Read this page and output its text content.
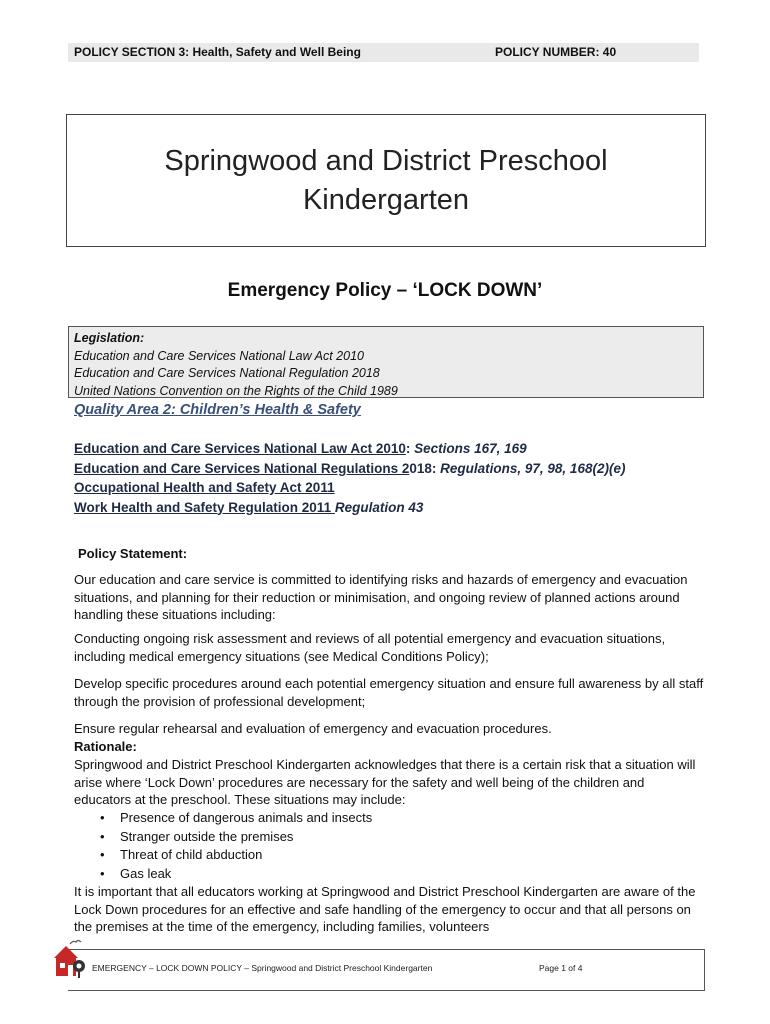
POLICY SECTION 3: Health, Safety and Well Being	POLICY NUMBER: 40
Springwood and District Preschool
Kindergarten
Emergency Policy – ‘LOCK DOWN’
Legislation:
Education and Care Services National Law Act 2010
Education and Care Services National Regulation 2018
United Nations Convention on the Rights of the Child 1989
Quality Area 2: Children’s Health & Safety
Education and Care Services National Law Act 2010: Sections 167, 169
Education and Care Services National Regulations 2018: Regulations, 97, 98, 168(2)(e)
Occupational Health and Safety Act 2011
Work Health and Safety Regulation 2011 Regulation 43
Policy Statement:
Our education and care service is committed to identifying risks and hazards of emergency and evacuation situations, and planning for their reduction or minimisation, and ongoing review of planned actions around handling these situations including:
Conducting ongoing risk assessment and reviews of all potential emergency and evacuation situations, including medical emergency situations (see Medical Conditions Policy);
Develop specific procedures around each potential emergency situation and ensure full awareness by all staff through the provision of professional development;
Ensure regular rehearsal and evaluation of emergency and evacuation procedures.
Rationale:
Springwood and District Preschool Kindergarten acknowledges that there is a certain risk that a situation will arise where ‘Lock Down’ procedures are necessary for the safety and well being of the children and educators at the preschool. These situations may include:
• Presence of dangerous animals and insects
• Stranger outside the premises
• Threat of child abduction
• Gas leak
It is important that all educators working at Springwood and District Preschool Kindergarten are aware of the Lock Down procedures for an effective and safe handling of the emergency to occur and that all persons on the premises at the time of the emergency, including families, volunteers
EMERGENCY – LOCK DOWN POLICY – Springwood and District Preschool Kindergarten	Page 1 of 4
